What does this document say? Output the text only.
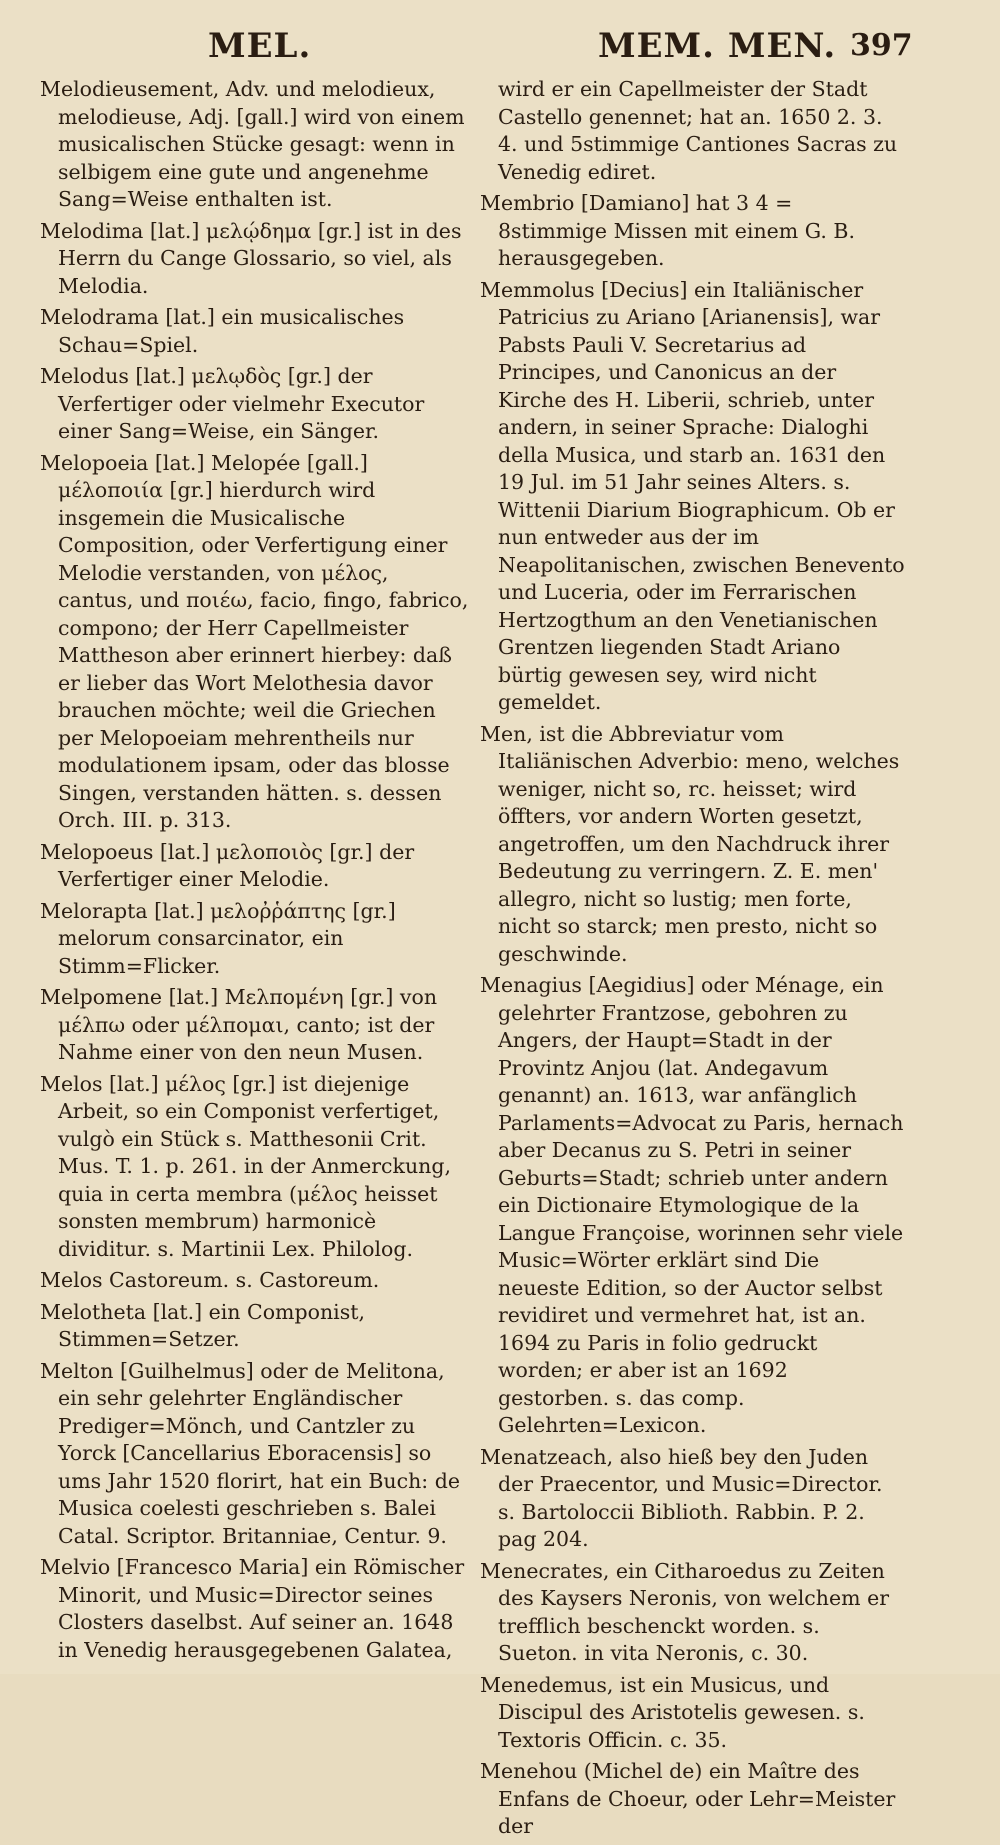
MEL.	MEM. MEN. 397

Melodieusement, Adv. und melodieux, melodieuse, Adj. [gall.] wird von einem musicalischen Stücke gesagt: wenn in selbigem eine gute und angenehme Sang=Weise enthalten ist.

Melodima [lat.] μελῴδημα [gr.] ist in des Herrn du Cange Glossario, so viel, als Melodia.

Melodrama [lat.] ein musicalisches Schau=Spiel.

Melodus [lat.] μελῳδὸς [gr.] der Verfertiger oder vielmehr Executor einer Sang=Weise, ein Sänger.

Melopoeia [lat.] Melopée [gall.] μέλοποιία [gr.] hierdurch wird insgemein die Musicalische Composition, oder Verfertigung einer Melodie verstanden, von μέλος, cantus, und ποιέω, facio, fingo, fabrico, compono; der Herr Capellmeister Mattheson aber erinnert hierbey: daß er lieber das Wort Melothesia davor brauchen möchte; weil die Griechen per Melopoeiam mehrentheils nur modulationem ipsam, oder das blosse Singen, verstanden hätten. s. dessen Orch. III. p. 313.

Melopoeus [lat.] μελοποιὸς [gr.] der Verfertiger einer Melodie.

Melorapta [lat.] μελοῤῥάπτης [gr.] melorum consarcinator, ein Stimm=Flicker.

Melpomene [lat.] Μελπομένη [gr.] von μέλπω oder μέλπομαι, canto; ist der Nahme einer von den neun Musen.

Melos [lat.] μέλος [gr.] ist diejenige Arbeit, so ein Componist verfertiget, vulgò ein Stück s. Matthesonii Crit. Mus. T. 1. p. 261. in der Anmerckung, quia in certa membra (μέλος heisset sonsten membrum) harmonicè dividitur. s. Martinii Lex. Philolog.

Melos Castoreum. s. Castoreum.

Melotheta [lat.] ein Componist, Stimmen=Setzer.

Melton [Guilhelmus] oder de Melitona, ein sehr gelehrter Engländischer Prediger=Mönch, und Cantzler zu Yorck [Cancellarius Eboracensis] so ums Jahr 1520 florirt, hat ein Buch: de Musica coelesti geschrieben s. Balei Catal. Scriptor. Britanniae, Centur. 9.

Melvio [Francesco Maria] ein Römischer Minorit, und Music=Director seines Closters daselbst. Auf seiner an. 1648 in Venedig herausgegebenen Galatea,

wird er ein Capellmeister der Stadt Castello genennet; hat an. 1650 2. 3. 4. und 5stimmige Cantiones Sacras zu Venedig ediret.

Membrio [Damiano] hat 3 4 = 8stimmige Missen mit einem G. B. herausgegeben.

Memmolus [Decius] ein Italiänischer Patricius zu Ariano [Arianensis], war Pabsts Pauli V. Secretarius ad Principes, und Canonicus an der Kirche des H. Liberii, schrieb, unter andern, in seiner Sprache: Dialoghi della Musica, und starb an. 1631 den 19 Jul. im 51 Jahr seines Alters. s. Wittenii Diarium Biographicum. Ob er nun entweder aus der im Neapolitanischen, zwischen Benevento und Luceria, oder im Ferrarischen Hertzogthum an den Venetianischen Grentzen liegenden Stadt Ariano bürtig gewesen sey, wird nicht gemeldet.

Men, ist die Abbreviatur vom Italiänischen Adverbio: meno, welches weniger, nicht so, rc. heisset; wird öffters, vor andern Worten gesetzt, angetroffen, um den Nachdruck ihrer Bedeutung zu verringern. Z. E. men' allegro, nicht so lustig; men forte, nicht so starck; men presto, nicht so geschwinde.

Menagius [Aegidius] oder Ménage, ein gelehrter Frantzose, gebohren zu Angers, der Haupt=Stadt in der Provintz Anjou (lat. Andegavum genannt) an. 1613, war anfänglich Parlaments=Advocat zu Paris, hernach aber Decanus zu S. Petri in seiner Geburts=Stadt; schrieb unter andern ein Dictionaire Etymologique de la Langue Françoise, worinnen sehr viele Music=Wörter erklärt sind Die neueste Edition, so der Auctor selbst revidiret und vermehret hat, ist an. 1694 zu Paris in folio gedruckt worden; er aber ist an 1692 gestorben. s. das comp. Gelehrten=Lexicon.

Menatzeach, also hieß bey den Juden der Praecentor, und Music=Director. s. Bartoloccii Biblioth. Rabbin. P. 2. pag 204.

Menecrates, ein Citharoedus zu Zeiten des Kaysers Neronis, von welchem er trefflich beschenckt worden. s. Sueton. in vita Neronis, c. 30.

Menedemus, ist ein Musicus, und Discipul des Aristotelis gewesen. s. Textoris Officin. c. 35.

Menehou (Michel de) ein Maître des Enfans de Choeur, oder Lehr=Meister der
